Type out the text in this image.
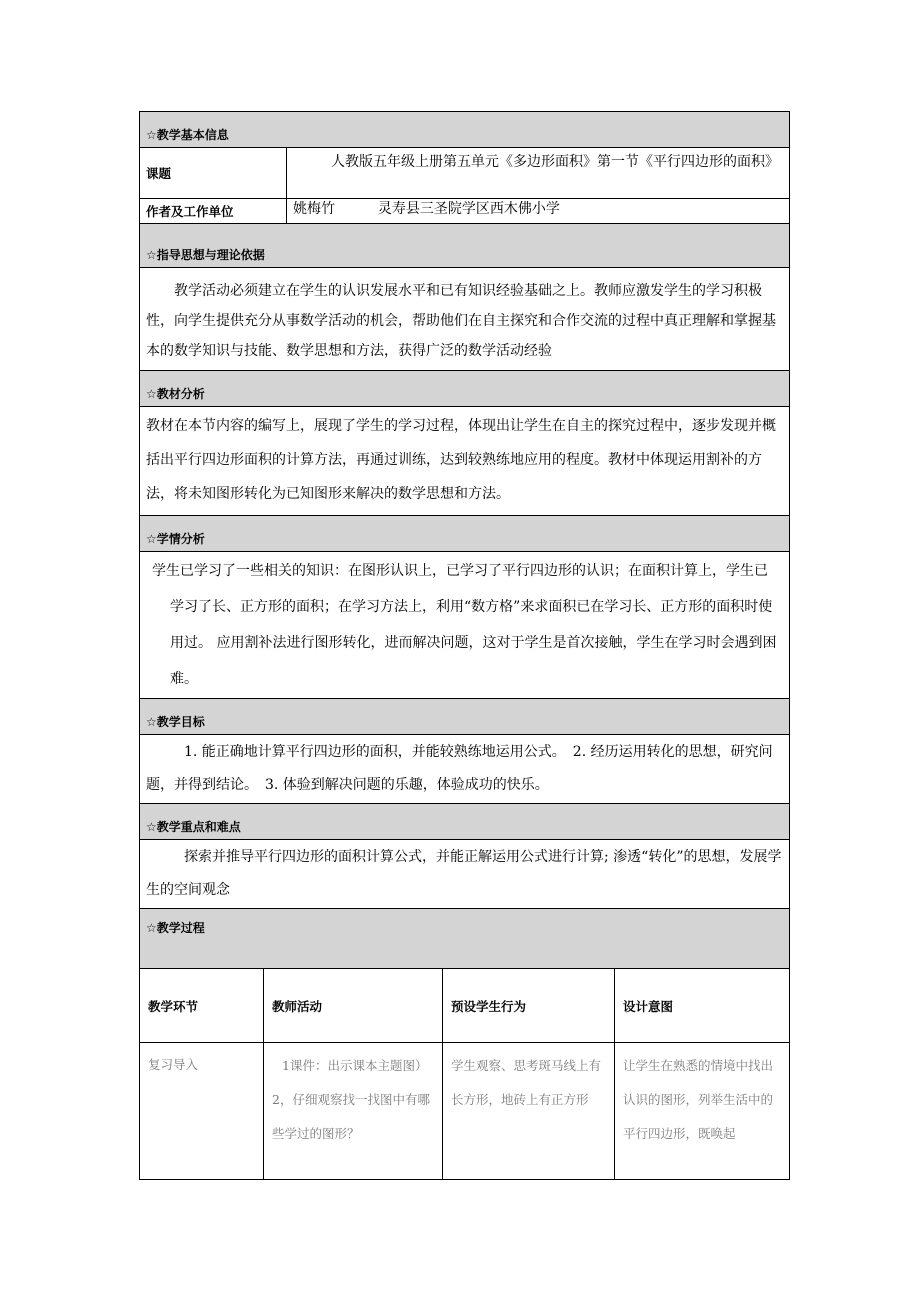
☆教学基本信息
课题
人教版五年级上册第五单元《多边形面积》第一节《平行四边形的面积》
作者及工作单位	姚梅竹	灵寿县三圣院学区西木佛小学
☆指导思想与理论依据
教学活动必须建立在学生的认识发展水平和已有知识经验基础之上。教师应激发学生的学习积极性，向学生提供充分从事数学活动的机会，帮助他们在自主探究和合作交流的过程中真正理解和掌握基本的数学知识与技能、数学思想和方法，获得广泛的数学活动经验
☆教材分析
教材在本节内容的编写上，展现了学生的学习过程，体现出让学生在自主的探究过程中，逐步发现并概括出平行四边形面积的计算方法，再通过训练，达到较熟练地应用的程度。教材中体现运用割补的方法，将未知图形转化为已知图形来解决的数学思想和方法。
☆学情分析
学生已学习了一些相关的知识：在图形认识上，已学习了平行四边形的认识；在面积计算上，学生已学习了长、正方形的面积；在学习方法上，利用“数方格”来求面积已在学习长、正方形的面积时使用过。 应用割补法进行图形转化，进而解决问题，这对于学生是首次接触，学生在学习时会遇到困难。
☆教学目标
1. 能正确地计算平行四边形的面积，并能较熟练地运用公式。　2. 经历运用转化的思想，研究问题，并得到结论。　3. 体验到解决问题的乐趣，体验成功的快乐。
☆教学重点和难点
探索并推导平行四边形的面积计算公式，并能正解运用公式进行计算; 渗透“转化”的思想，发展学生的空间观念
☆教学过程
教学环节
复习导入
教师活动
1课件：出示课本主题图）2，仔细观察找一找图中有哪些学过的图形？
预设学生行为
学生观察、思考斑马线上有长方形，地砖上有正方形
设计意图
让学生在熟悉的情境中找出认识的图形，列举生活中的平行四边形，既唤起
